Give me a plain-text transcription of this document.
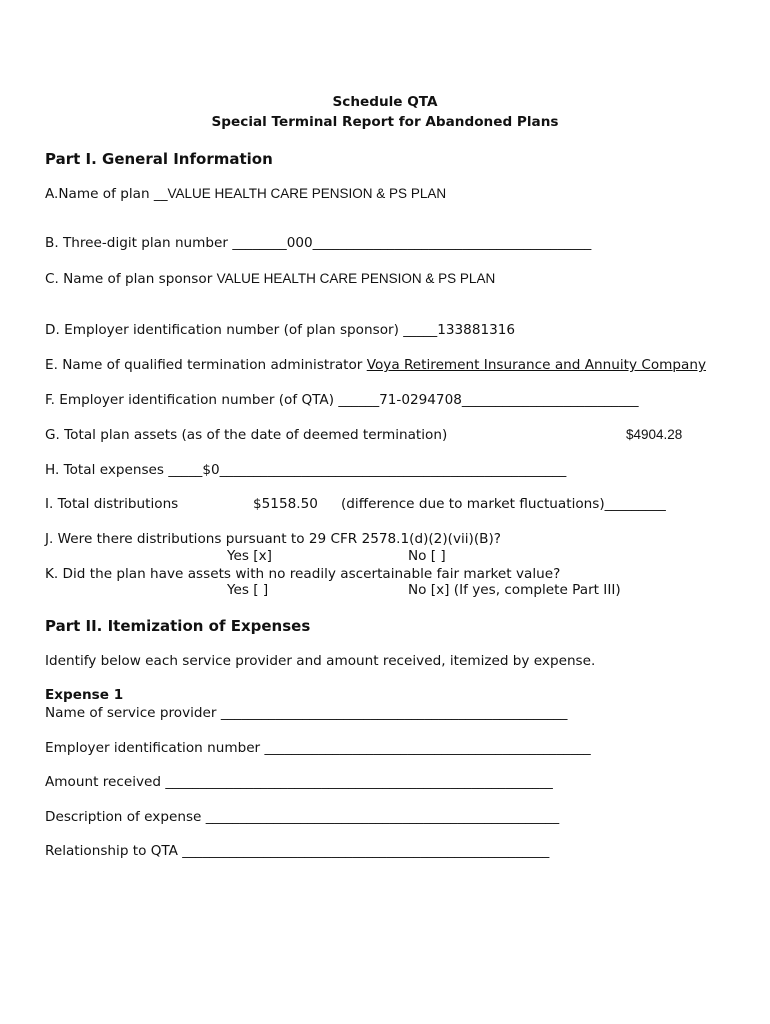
Schedule QTA
Special Terminal Report for Abandoned Plans
Part I. General Information
A.Name of plan __VALUE HEALTH CARE PENSION & PS PLAN
B. Three-digit plan number ________000_________________________________________
C. Name of plan sponsor VALUE HEALTH CARE PENSION & PS PLAN
D. Employer identification number (of plan sponsor) _____133881316
E. Name of qualified termination administrator Voya Retirement Insurance and Annuity Company
F. Employer identification number (of QTA) ______71-0294708__________________________
G. Total plan assets (as of the date of deemed termination)	$4904.28
H. Total expenses _____$0___________________________________________________
I. Total distributions	$5158.50 (difference due to market fluctuations)_________
J. Were there distributions pursuant to 29 CFR 2578.1(d)(2)(vii)(B)?
Yes [x]	No [ ]
K. Did the plan have assets with no readily ascertainable fair market value?
Yes [ ]	No [x] (If yes, complete Part III)
Part II. Itemization of Expenses
Identify below each service provider and amount received, itemized by expense.
Expense 1
Name of service provider ___________________________________________________
Employer identification number ________________________________________________
Amount received _________________________________________________________
Description of expense ____________________________________________________
Relationship to QTA ______________________________________________________
